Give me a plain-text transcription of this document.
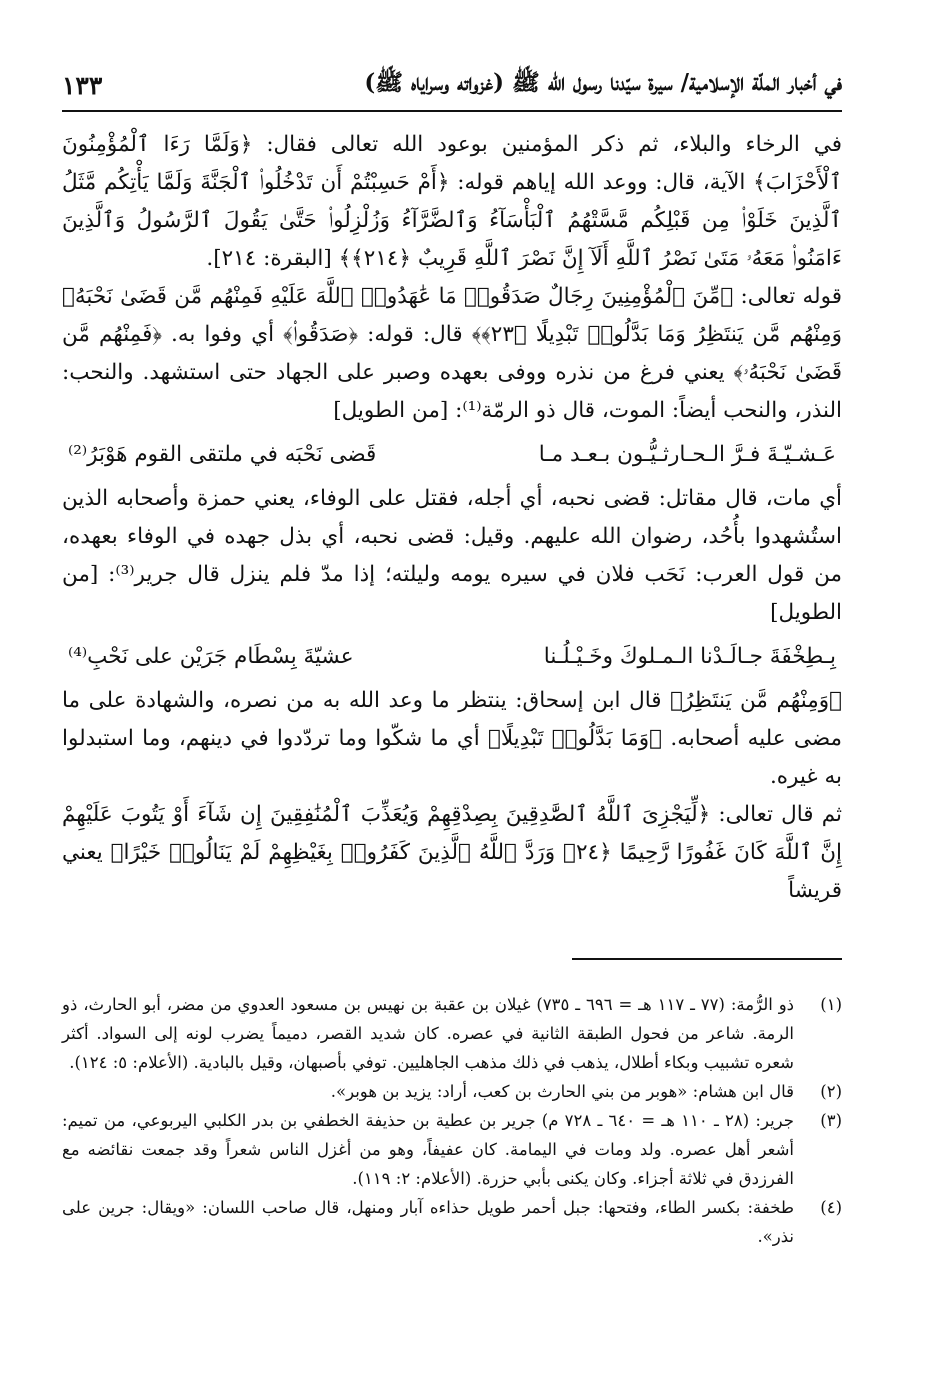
في أخبار الملّة الإسلامية/ سيرة سيّدنا رسول الله ﷺ (غزواته وسراياه ﷺ)
١٣٣

في الرخاء والبلاء، ثم ذكر المؤمنين بوعود الله تعالى فقال: ﴿وَلَمَّا رَءَا ٱلْمُؤْمِنُونَ ٱلْأَحْزَابَ﴾ الآية، قال: ووعد الله إياهم قوله: ﴿أَمْ حَسِبْتُمْ أَن تَدْخُلُوا۟ ٱلْجَنَّةَ وَلَمَّا يَأْتِكُم مَّثَلُ ٱلَّذِينَ خَلَوْا۟ مِن قَبْلِكُم مَّسَّتْهُمُ ٱلْبَأْسَآءُ وَٱلضَّرَّآءُ وَزُلْزِلُوا۟ حَتَّىٰ يَقُولَ ٱلرَّسُولُ وَٱلَّذِينَ ءَامَنُوا۟ مَعَهُۥ مَتَىٰ نَصْرُ ٱللَّهِ أَلَآ إِنَّ نَصْرَ ٱللَّهِ قَرِيبٌ ﴿٢١٤﴾﴾ [البقرة: ٢١٤].

قوله تعالى: ﴿مِّنَ ٱلْمُؤْمِنِينَ رِجَالٌ صَدَقُوا۟ مَا عَٰهَدُوا۟ ٱللَّهَ عَلَيْهِ فَمِنْهُم مَّن قَضَىٰ نَحْبَهُۥ وَمِنْهُم مَّن يَنتَظِرُ وَمَا بَدَّلُوا۟ تَبْدِيلًا ﴿٢٣﴾﴾ قال: قوله: ﴿صَدَقُوا۟﴾ أي وفوا به. ﴿فَمِنْهُم مَّن قَضَىٰ نَحْبَهُۥ﴾ يعني فرغ من نذره ووفى بعهده وصبر على الجهاد حتى استشهد. والنحب: النذر، والنحب أيضاً: الموت، قال ذو الرمّة⁽¹⁾: [من الطويل]

عَـشـيّـةَ فـرَّ الـحـارثـيُّـون بـعـد مـا
قَضى نَحْبَه في ملتقى القوم هَوْبَرُ⁽²⁾

أي مات، قال مقاتل: قضى نحبه، أي أجله، فقتل على الوفاء، يعني حمزة وأصحابه الذين استُشهدوا بأُحُد، رضوان الله عليهم. وقيل: قضى نحبه، أي بذل جهده في الوفاء بعهده، من قول العرب: نَحَب فلان في سيره يومه وليلته؛ إذا مدّ فلم ينزل قال جرير⁽³⁾: [من الطويل]

بِـطِخْفَةَ جـالَـدْنا الـمـلوكَ وخَـيْـلُـنا
عشيّةَ بِسْطَام جَرَيْن على نَحْبِ⁽⁴⁾

﴿وَمِنْهُم مَّن يَنتَظِرُ﴾ قال ابن إسحاق: ينتظر ما وعد الله به من نصره، والشهادة على ما مضى عليه أصحابه. ﴿وَمَا بَدَّلُوا۟ تَبْدِيلًا﴾ أي ما شكّوا وما تردّدوا في دينهم، وما استبدلوا به غيره.

ثم قال تعالى: ﴿لِّيَجْزِىَ ٱللَّهُ ٱلصَّٰدِقِينَ بِصِدْقِهِمْ وَيُعَذِّبَ ٱلْمُنَٰفِقِينَ إِن شَآءَ أَوْ يَتُوبَ عَلَيْهِمْ إِنَّ ٱللَّهَ كَانَ غَفُورًا رَّحِيمًا ﴿٢٤﴾ وَرَدَّ ٱللَّهُ ٱلَّذِينَ كَفَرُوا۟ بِغَيْظِهِمْ لَمْ يَنَالُوا۟ خَيْرًا﴾ يعني قريشاً

(١)
ذو الرُّمة: (٧٧ ـ ١١٧ هـ = ٦٩٦ ـ ٧٣٥) غيلان بن عقبة بن نهيس بن مسعود العدوي من مضر، أبو الحارث، ذو الرمة. شاعر من فحول الطبقة الثانية في عصره. كان شديد القصر، دميماً يضرب لونه إلى السواد. أكثر شعره تشبيب وبكاء أطلال، يذهب في ذلك مذهب الجاهليين. توفي بأصبهان، وقيل بالبادية. (الأعلام: ٥: ١٢٤).
(٢)
قال ابن هشام: «هوبر من بني الحارث بن كعب، أراد: يزيد بن هوبر».
(٣)
جرير: (٢٨ ـ ١١٠ هـ = ٦٤٠ ـ ٧٢٨ م) جرير بن عطية بن حذيفة الخطفي بن بدر الكلبي اليربوعي، من تميم: أشعر أهل عصره. ولد ومات في اليمامة. كان عفيفاً، وهو من أغزل الناس شعراً وقد جمعت نقائضه مع الفرزدق في ثلاثة أجزاء. وكان يكنى بأبي حزرة. (الأعلام: ٢: ١١٩).
(٤)
طخفة: بكسر الطاء، وفتحها: جبل أحمر طويل حذاءه آبار ومنهل، قال صاحب اللسان: «ويقال: جرين على نذر».
